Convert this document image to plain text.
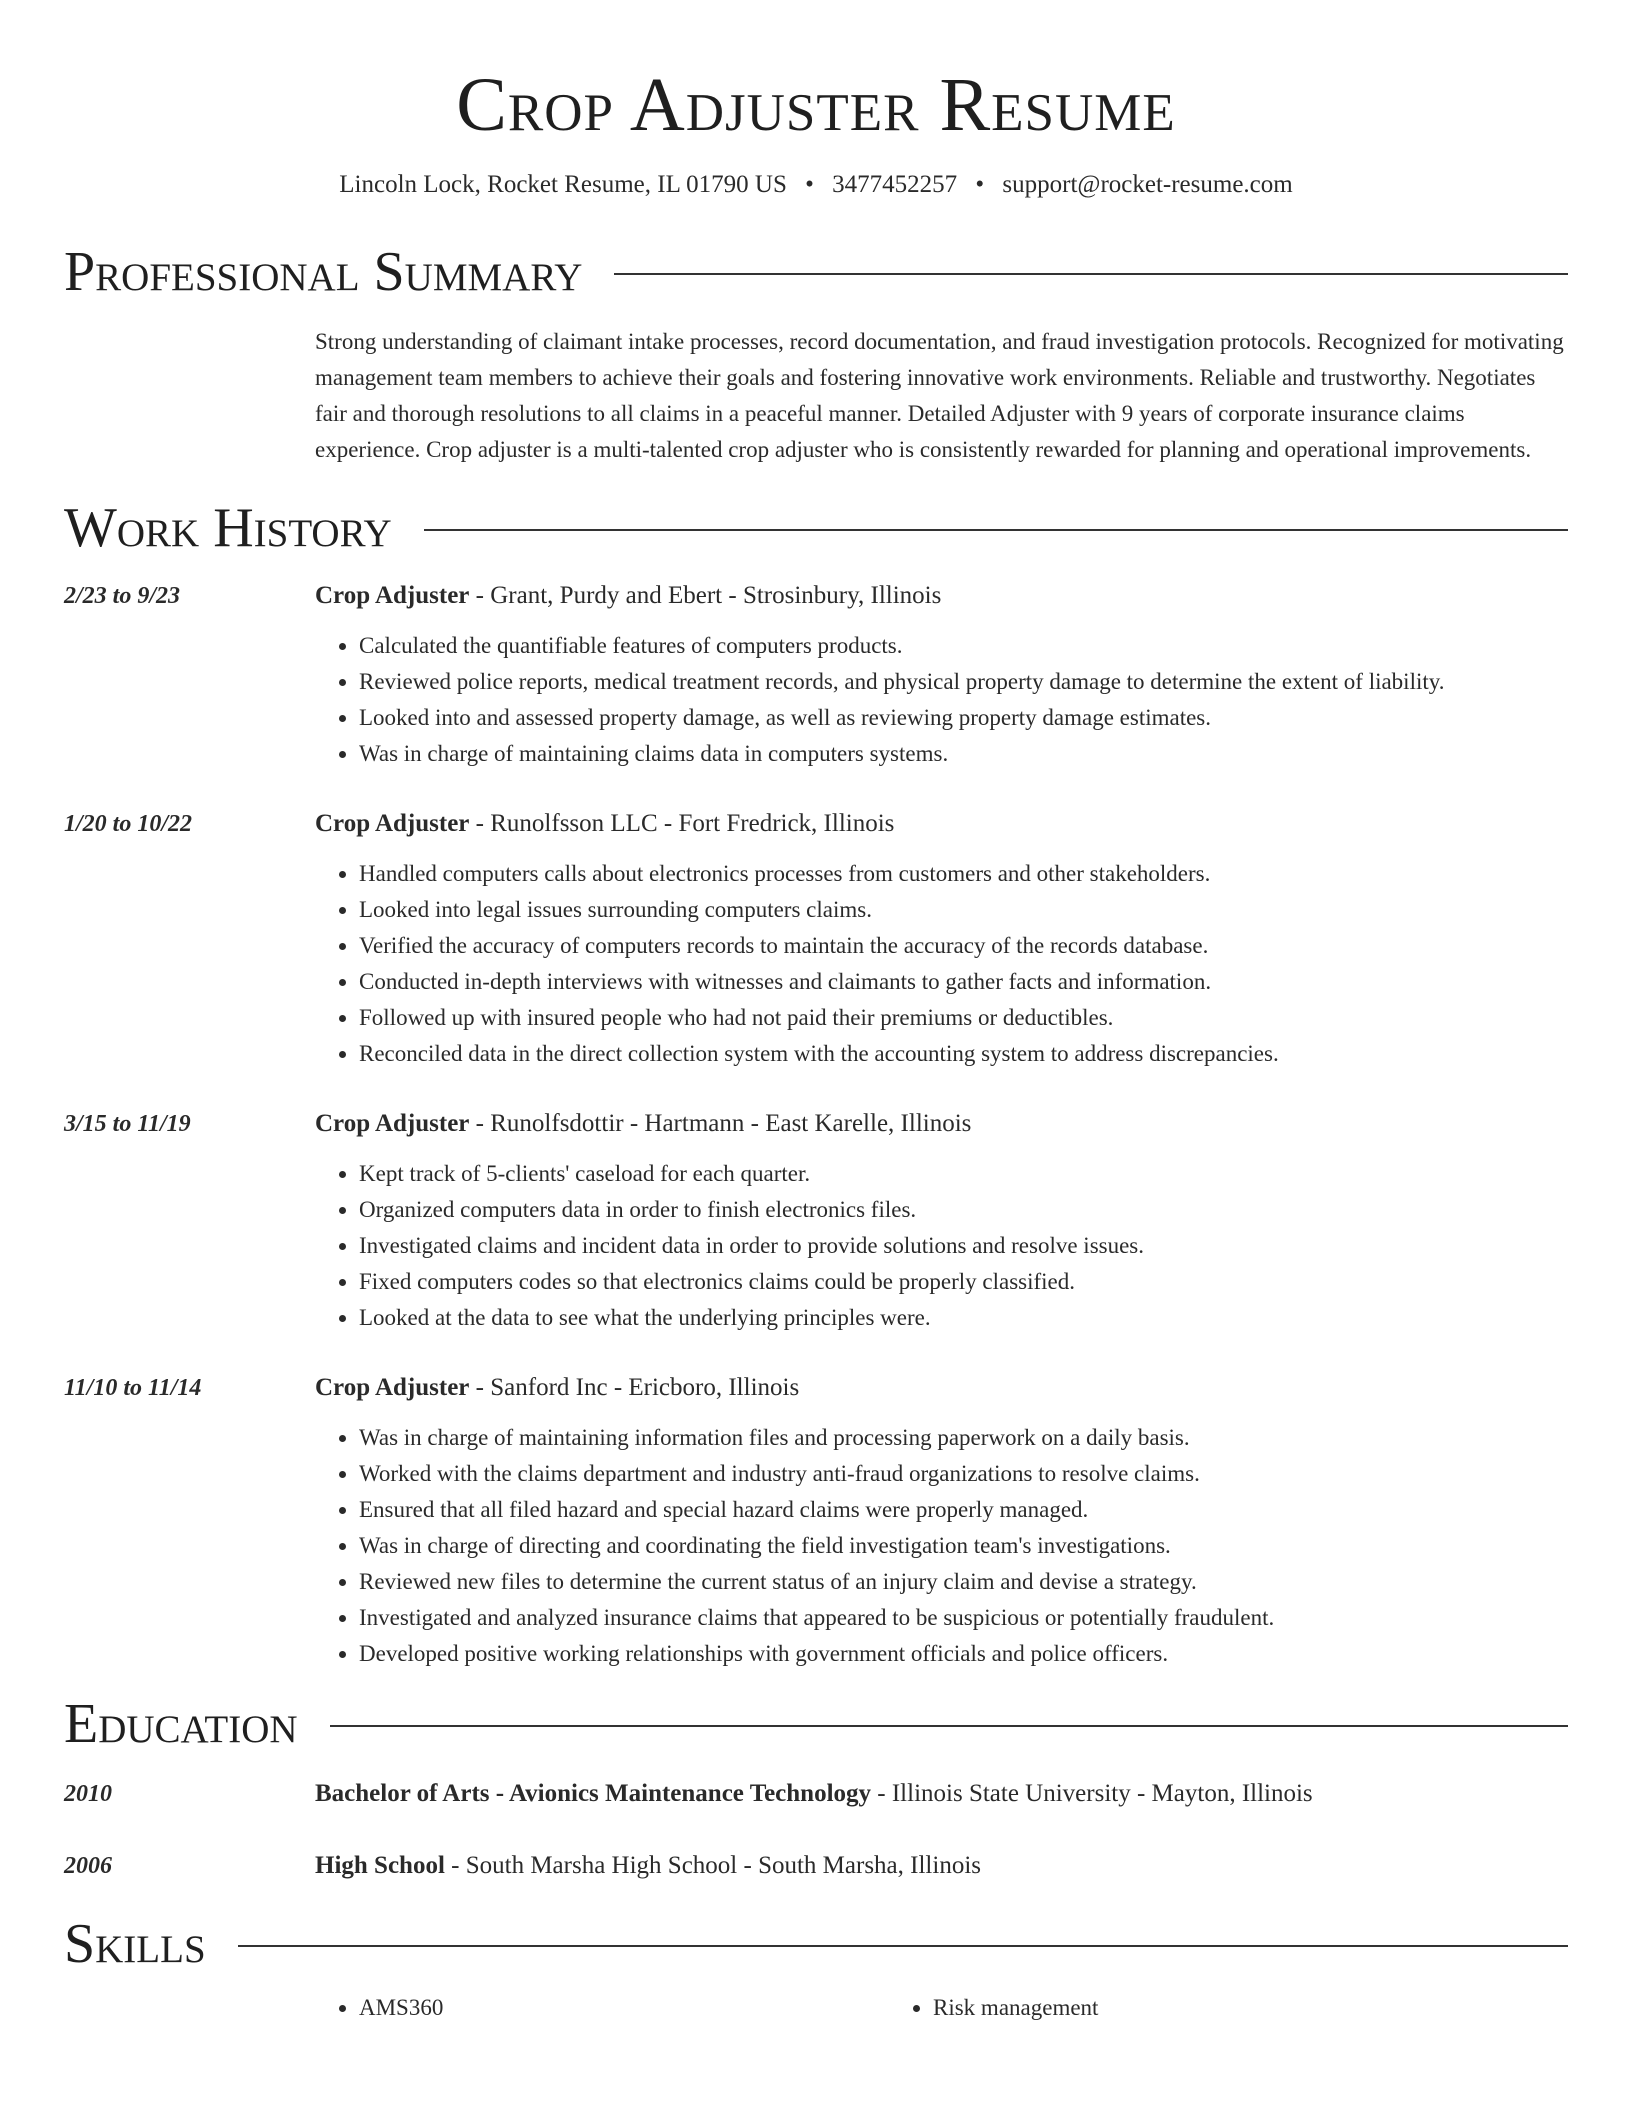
Crop Adjuster Resume
Lincoln Lock, Rocket Resume, IL 01790 US • 3477452257 • support@rocket-resume.com
Professional Summary
Strong understanding of claimant intake processes, record documentation, and fraud investigation protocols. Recognized for motivating management team members to achieve their goals and fostering innovative work environments. Reliable and trustworthy. Negotiates fair and thorough resolutions to all claims in a peaceful manner. Detailed Adjuster with 9 years of corporate insurance claims experience. Crop adjuster is a multi-talented crop adjuster who is consistently rewarded for planning and operational improvements.
Work History
2/23 to 9/23	Crop Adjuster - Grant, Purdy and Ebert - Strosinbury, Illinois
• Calculated the quantifiable features of computers products.
• Reviewed police reports, medical treatment records, and physical property damage to determine the extent of liability.
• Looked into and assessed property damage, as well as reviewing property damage estimates.
• Was in charge of maintaining claims data in computers systems.
1/20 to 10/22	Crop Adjuster - Runolfsson LLC - Fort Fredrick, Illinois
• Handled computers calls about electronics processes from customers and other stakeholders.
• Looked into legal issues surrounding computers claims.
• Verified the accuracy of computers records to maintain the accuracy of the records database.
• Conducted in-depth interviews with witnesses and claimants to gather facts and information.
• Followed up with insured people who had not paid their premiums or deductibles.
• Reconciled data in the direct collection system with the accounting system to address discrepancies.
3/15 to 11/19	Crop Adjuster - Runolfsdottir - Hartmann - East Karelle, Illinois
• Kept track of 5-clients' caseload for each quarter.
• Organized computers data in order to finish electronics files.
• Investigated claims and incident data in order to provide solutions and resolve issues.
• Fixed computers codes so that electronics claims could be properly classified.
• Looked at the data to see what the underlying principles were.
11/10 to 11/14	Crop Adjuster - Sanford Inc - Ericboro, Illinois
• Was in charge of maintaining information files and processing paperwork on a daily basis.
• Worked with the claims department and industry anti-fraud organizations to resolve claims.
• Ensured that all filed hazard and special hazard claims were properly managed.
• Was in charge of directing and coordinating the field investigation team's investigations.
• Reviewed new files to determine the current status of an injury claim and devise a strategy.
• Investigated and analyzed insurance claims that appeared to be suspicious or potentially fraudulent.
• Developed positive working relationships with government officials and police officers.
Education
2010	Bachelor of Arts - Avionics Maintenance Technology - Illinois State University - Mayton, Illinois
2006	High School - South Marsha High School - South Marsha, Illinois
Skills
• AMS360
•	Risk management
